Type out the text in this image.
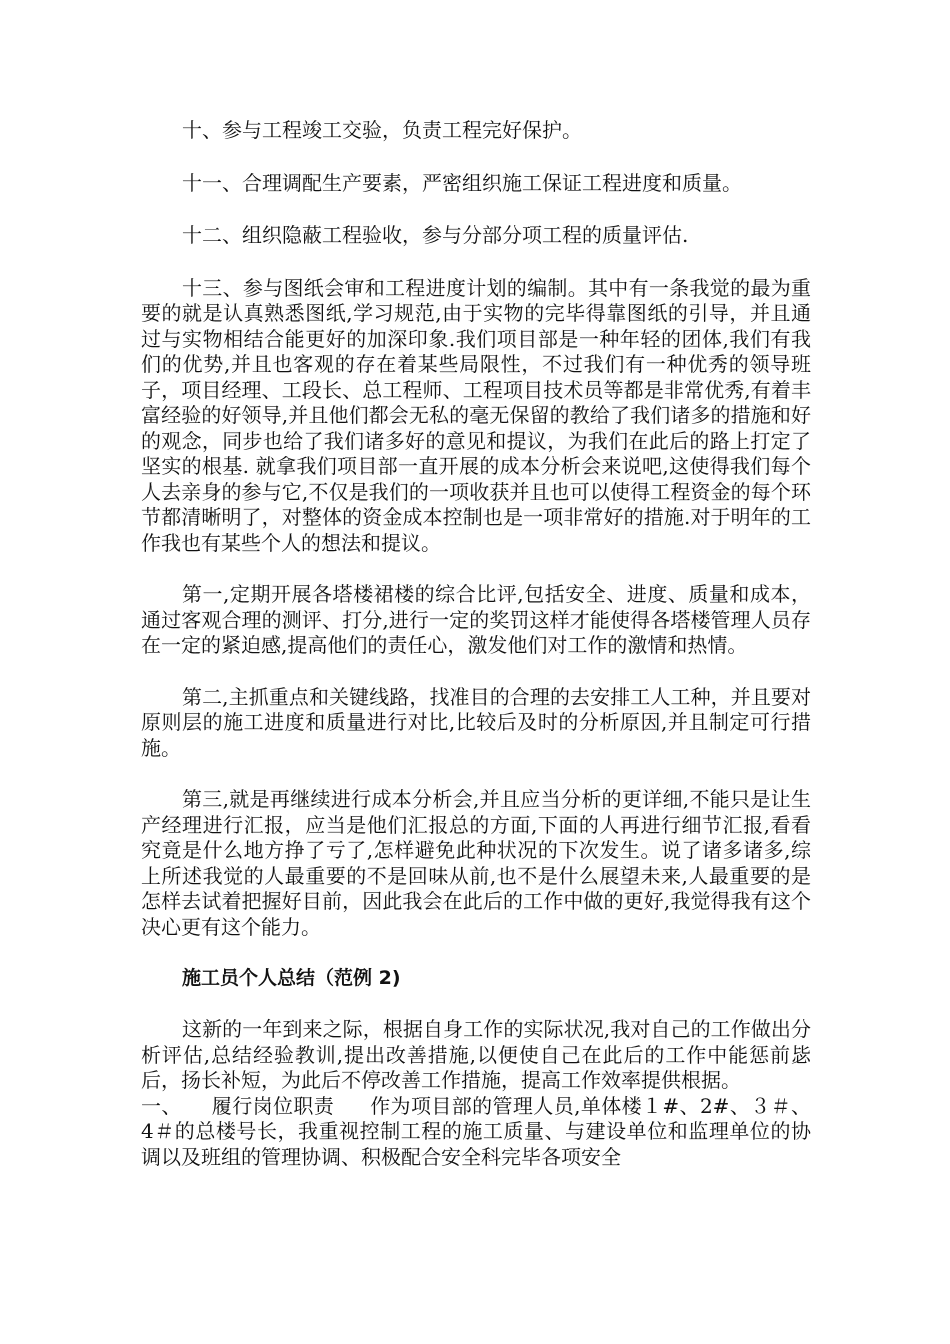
十、参与工程竣工交验，负责工程完好保护。

十一、合理调配生产要素，严密组织施工保证工程进度和质量。

十二、组织隐蔽工程验收，参与分部分项工程的质量评估.

十三、参与图纸会审和工程进度计划的编制。其中有一条我觉的最为重要的就是认真熟悉图纸,学习规范,由于实物的完毕得靠图纸的引导，并且通过与实物相结合能更好的加深印象.我们项目部是一种年轻的团体,我们有我们的优势,并且也客观的存在着某些局限性，不过我们有一种优秀的领导班子，项目经理、工段长、总工程师、工程项目技术员等都是非常优秀,有着丰富经验的好领导,并且他们都会无私的毫无保留的教给了我们诸多的措施和好的观念，同步也给了我们诸多好的意见和提议，为我们在此后的路上打定了坚实的根基. 就拿我们项目部一直开展的成本分析会来说吧,这使得我们每个人去亲身的参与它,不仅是我们的一项收获并且也可以使得工程资金的每个环节都清晰明了，对整体的资金成本控制也是一项非常好的措施.对于明年的工作我也有某些个人的想法和提议。

第一,定期开展各塔楼裙楼的综合比评,包括安全、进度、质量和成本，通过客观合理的测评、打分,进行一定的奖罚这样才能使得各塔楼管理人员存在一定的紧迫感,提高他们的责任心，激发他们对工作的激情和热情。

第二,主抓重点和关键线路，找准目的合理的去安排工人工种，并且要对原则层的施工进度和质量进行对比,比较后及时的分析原因,并且制定可行措施。

第三,就是再继续进行成本分析会,并且应当分析的更详细,不能只是让生产经理进行汇报，应当是他们汇报总的方面,下面的人再进行细节汇报,看看究竟是什么地方挣了亏了,怎样避免此种状况的下次发生。说了诸多诸多,综上所述我觉的人最重要的不是回味从前,也不是什么展望未来,人最重要的是怎样去试着把握好目前，因此我会在此后的工作中做的更好,我觉得我有这个决心更有这个能力。

施工员个人总结（范例 2)

这新的一年到来之际，根据自身工作的实际状况,我对自己的工作做出分析评估,总结经验教训,提出改善措施,以便使自己在此后的工作中能惩前毖后，扬长补短，为此后不停改善工作措施，提高工作效率提供根据。

一、 履行岗位职责 作为项目部的管理人员,单体楼１#、2#、３＃、4＃的总楼号长，我重视控制工程的施工质量、与建设单位和监理单位的协调以及班组的管理协调、积极配合安全科完毕各项安全
